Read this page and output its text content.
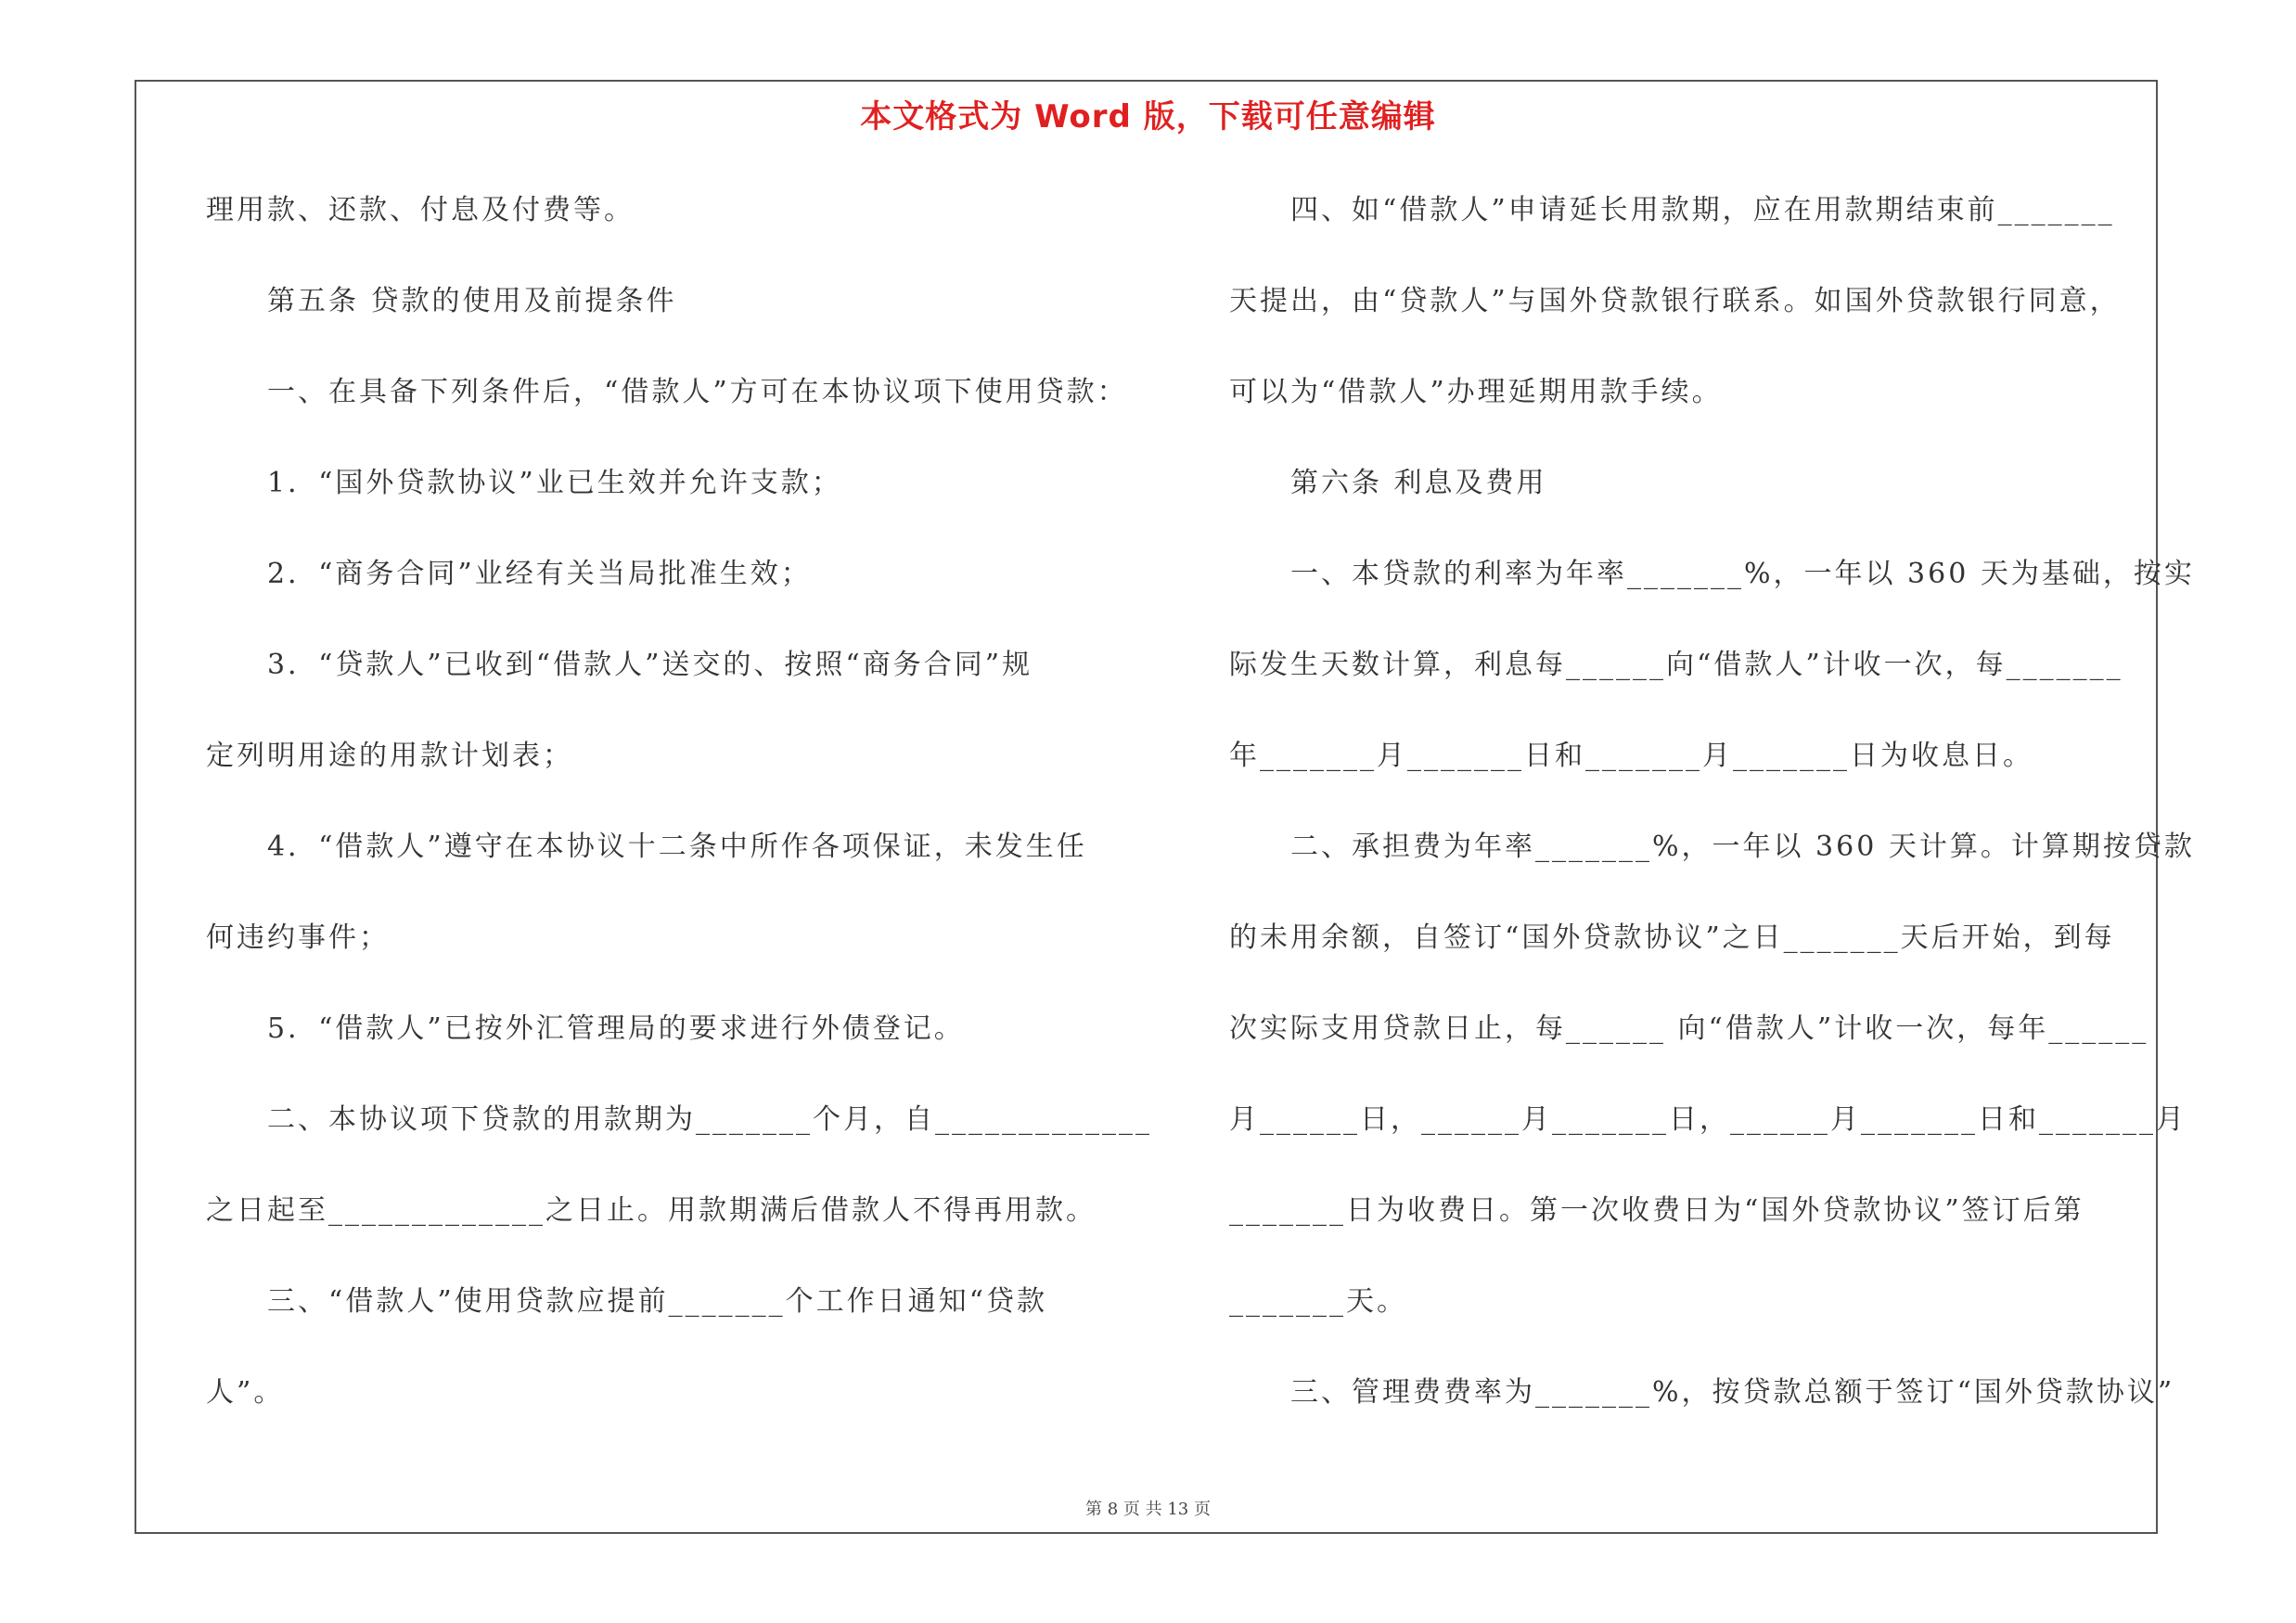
本文格式为 Word 版，下载可任意编辑
理用款、还款、付息及付费等。
第五条 贷款的使用及前提条件
一、在具备下列条件后，“借款人”方可在本协议项下使用贷款：
1．“国外贷款协议”业已生效并允许支款；
2．“商务合同”业经有关当局批准生效；
3．“贷款人”已收到“借款人”送交的、按照“商务合同”规
定列明用途的用款计划表；
4．“借款人”遵守在本协议十二条中所作各项保证，未发生任
何违约事件；
5．“借款人”已按外汇管理局的要求进行外债登记。
二、本协议项下贷款的用款期为_______个月，自_____________
之日起至_____________之日止。用款期满后借款人不得再用款。
三、“借款人”使用贷款应提前_______个工作日通知“贷款
人”。
四、如“借款人”申请延长用款期，应在用款期结束前_______
天提出，由“贷款人”与国外贷款银行联系。如国外贷款银行同意，
可以为“借款人”办理延期用款手续。
第六条 利息及费用
一、本贷款的利率为年率_______%，一年以 360 天为基础，按实
际发生天数计算，利息每______向“借款人”计收一次，每_______
年_______月_______日和_______月_______日为收息日。
二、承担费为年率_______%，一年以 360 天计算。计算期按贷款
的未用余额，自签订“国外贷款协议”之日_______天后开始，到每
次实际支用贷款日止，每______ 向“借款人”计收一次，每年______
月______日，______月_______日，______月_______日和_______月
_______日为收费日。第一次收费日为“国外贷款协议”签订后第
_______天。
三、管理费费率为_______%，按贷款总额于签订“国外贷款协议”
第 8 页 共 13 页
